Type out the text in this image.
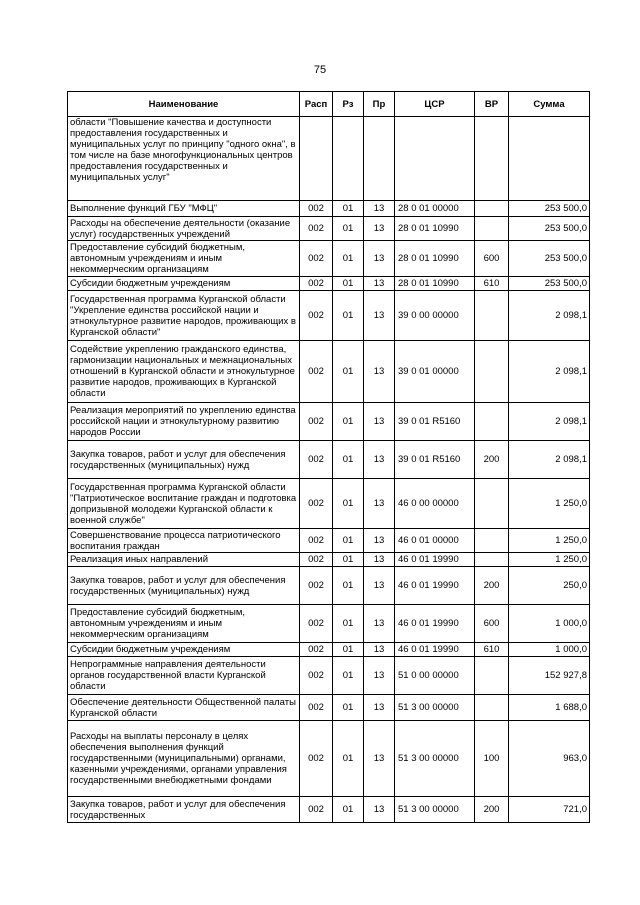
75
Наименование	Расп	Рз	Пр	ЦСР	ВР	Сумма
области "Повышение качества и доступности предоставления государственных и муниципальных услуг по принципу "одного окна", в том числе на базе многофункциональных центров предоставления государственных и муниципальных услуг"						
Выполнение функций ГБУ "МФЦ"	002	01	13	28 0 01 00000		253 500,0
Расходы на обеспечение деятельности (оказание услуг) государственных учреждений	002	01	13	28 0 01 10990		253 500,0
Предоставление субсидий бюджетным, автономным учреждениям и иным некоммерческим организациям	002	01	13	28 0 01 10990	600	253 500,0
Субсидии бюджетным учреждениям	002	01	13	28 0 01 10990	610	253 500,0
Государственная программа Курганской области "Укрепление единства российской нации и этнокультурное развитие народов, проживающих в Курганской области"	002	01	13	39 0 00 00000		2 098,1
Содействие укреплению гражданского единства, гармонизации национальных и межнациональных отношений в Курганской области и этнокультурное развитие народов, проживающих в Курганской области	002	01	13	39 0 01 00000		2 098,1
Реализация мероприятий по укреплению единства российской нации и этнокультурному развитию народов России	002	01	13	39 0 01 R5160		2 098,1
Закупка товаров, работ и услуг для обеспечения государственных (муниципальных) нужд	002	01	13	39 0 01 R5160	200	2 098,1
Государственная программа Курганской области "Патриотическое воспитание граждан и подготовка допризывной молодежи Курганской области к военной службе"	002	01	13	46 0 00 00000		1 250,0
Совершенствование процесса патриотического воспитания граждан	002	01	13	46 0 01 00000		1 250,0
Реализация иных направлений	002	01	13	46 0 01 19990		1 250,0
Закупка товаров, работ и услуг для обеспечения государственных (муниципальных) нужд	002	01	13	46 0 01 19990	200	250,0
Предоставление субсидий бюджетным, автономным учреждениям и иным некоммерческим организациям	002	01	13	46 0 01 19990	600	1 000,0
Субсидии бюджетным учреждениям	002	01	13	46 0 01 19990	610	1 000,0
Непрограммные направления деятельности органов государственной власти Курганской области	002	01	13	51 0 00 00000		152 927,8
Обеспечение деятельности Общественной палаты Курганской области	002	01	13	51 3 00 00000		1 688,0
Расходы на выплаты персоналу в целях обеспечения выполнения функций государственными (муниципальными) органами, казенными учреждениями, органами управления государственными внебюджетными фондами	002	01	13	51 3 00 00000	100	963,0
Закупка товаров, работ и услуг для обеспечения государственных	002	01	13	51 3 00 00000	200	721,0
